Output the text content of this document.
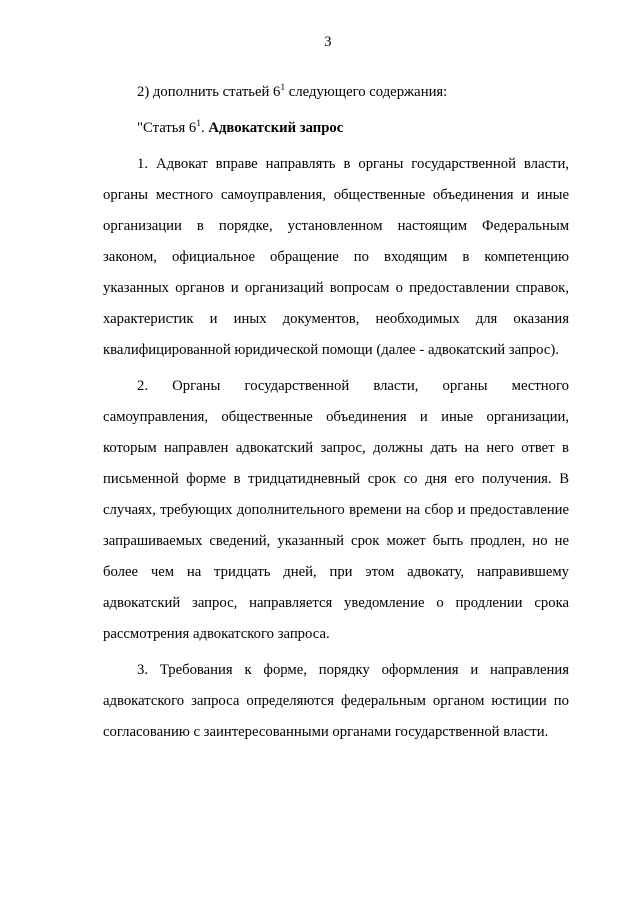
3

2) дополнить статьей $6^1$ следующего содержания:

"Статья $6^1$. Адвокатский запрос

1. Адвокат вправе направлять в органы государственной власти, органы местного самоуправления, общественные объединения и иные организации в порядке, установленном настоящим Федеральным законом, официальное обращение по входящим в компетенцию указанных органов и организаций вопросам о предоставлении справок, характеристик и иных документов, необходимых для оказания квалифицированной юридической помощи (далее - адвокатский запрос).

2. Органы государственной власти, органы местного самоуправления, общественные объединения и иные организации, которым направлен адвокатский запрос, должны дать на него ответ в письменной форме в тридцатидневный срок со дня его получения. В случаях, требующих дополнительного времени на сбор и предоставление запрашиваемых сведений, указанный срок может быть продлен, но не более чем на тридцать дней, при этом адвокату, направившему адвокатский запрос, направляется уведомление о продлении срока рассмотрения адвокатского запроса.

3. Требования к форме, порядку оформления и направления адвокатского запроса определяются федеральным органом юстиции по согласованию с заинтересованными органами государственной власти.
